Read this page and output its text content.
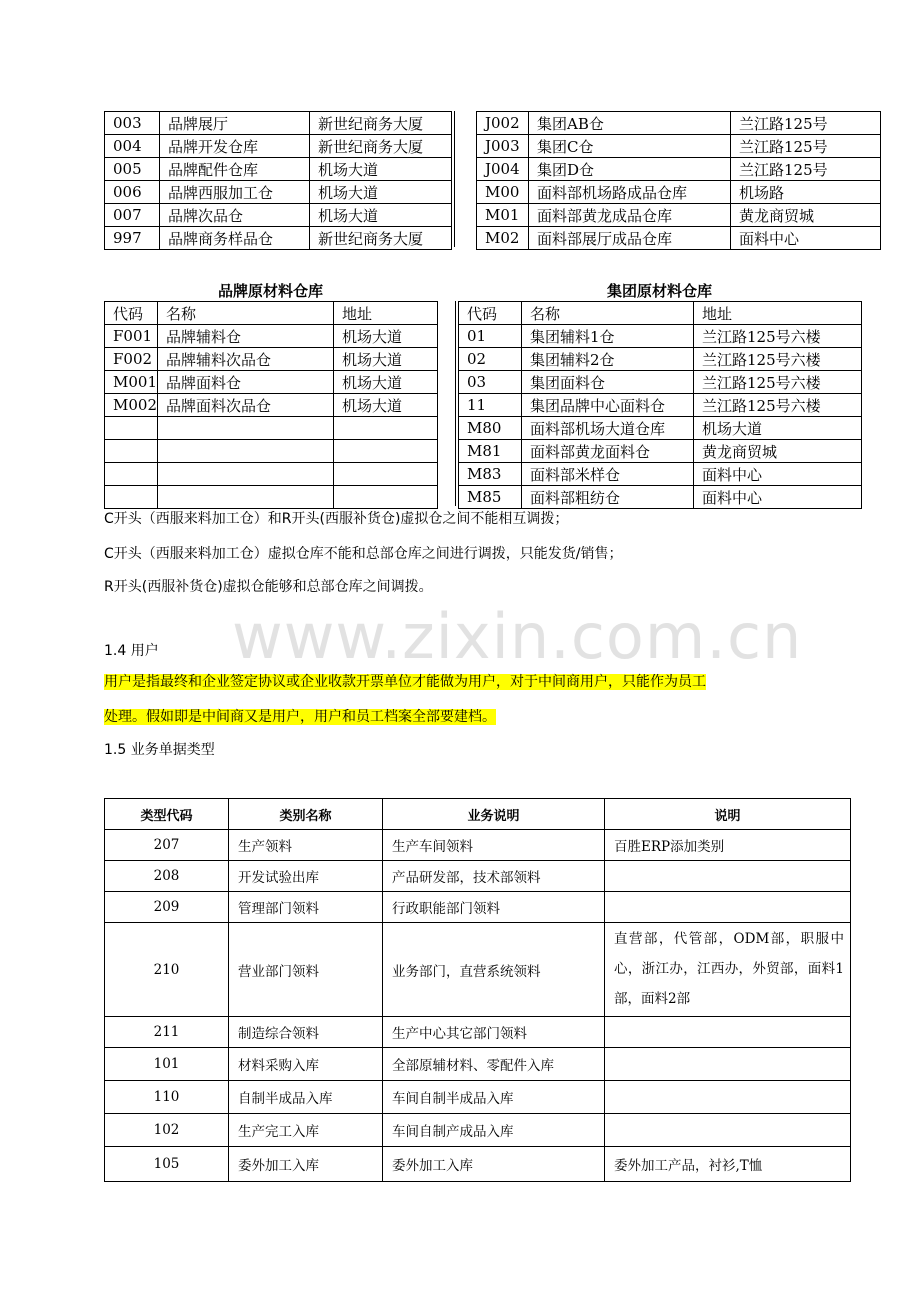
003	品牌展厅	新世纪商务大厦
004	品牌开发仓库	新世纪商务大厦
005	品牌配件仓库	机场大道
006	品牌西服加工仓	机场大道
007	品牌次品仓	机场大道
997	品牌商务样品仓	新世纪商务大厦
J002	集团AB仓	兰江路125号
J003	集团C仓	兰江路125号
J004	集团D仓	兰江路125号
M00	面料部机场路成品仓库	机场路
M01	面料部黄龙成品仓库	黄龙商贸城
M02	面料部展厅成品仓库	面料中心
品牌原材料仓库
代码	名称	地址
F001	品牌辅料仓	机场大道
F002	品牌辅料次品仓	机场大道
M001	品牌面料仓	机场大道
M002	品牌面料次品仓	机场大道

集团原材料仓库
代码	名称	地址
01	集团辅料1仓	兰江路125号六楼
02	集团辅料2仓	兰江路125号六楼
03	集团面料仓	兰江路125号六楼
11	集团品牌中心面料仓	兰江路125号六楼
M80	面料部机场大道仓库	机场大道
M81	面料部黄龙面料仓	黄龙商贸城
M83	面料部米样仓	面料中心
M85	面料部粗纺仓	面料中心
C开头（西服来料加工仓）和R开头(西服补货仓)虚拟仓之间不能相互调拨；
C开头（西服来料加工仓）虚拟仓库不能和总部仓库之间进行调拨，只能发货/销售；
R开头(西服补货仓)虚拟仓能够和总部仓库之间调拨。
www.zixin.com.cn
1.4 用户
用户是指最终和企业签定协议或企业收款开票单位才能做为用户，对于中间商用户，只能作为员工
处理。假如即是中间商又是用户，用户和员工档案全部要建档。
1.5 业务单据类型
类型代码	类别名称	业务说明	说明
207	生产领料	生产车间领料	百胜ERP添加类别
208	开发试验出库	产品研发部，技术部领料	
209	管理部门领料	行政职能部门领料	
210	营业部门领料	业务部门，直营系统领料	直营部，代管部，ODM部，职服中心，浙江办，江西办，外贸部，面料1部，面料2部
211	制造综合领料	生产中心其它部门领料	
101	材料采购入库	全部原辅材料、零配件入库	
110	自制半成品入库	车间自制半成品入库	
102	生产完工入库	车间自制产成品入库	
105	委外加工入库	委外加工入库	委外加工产品，衬衫,T恤
